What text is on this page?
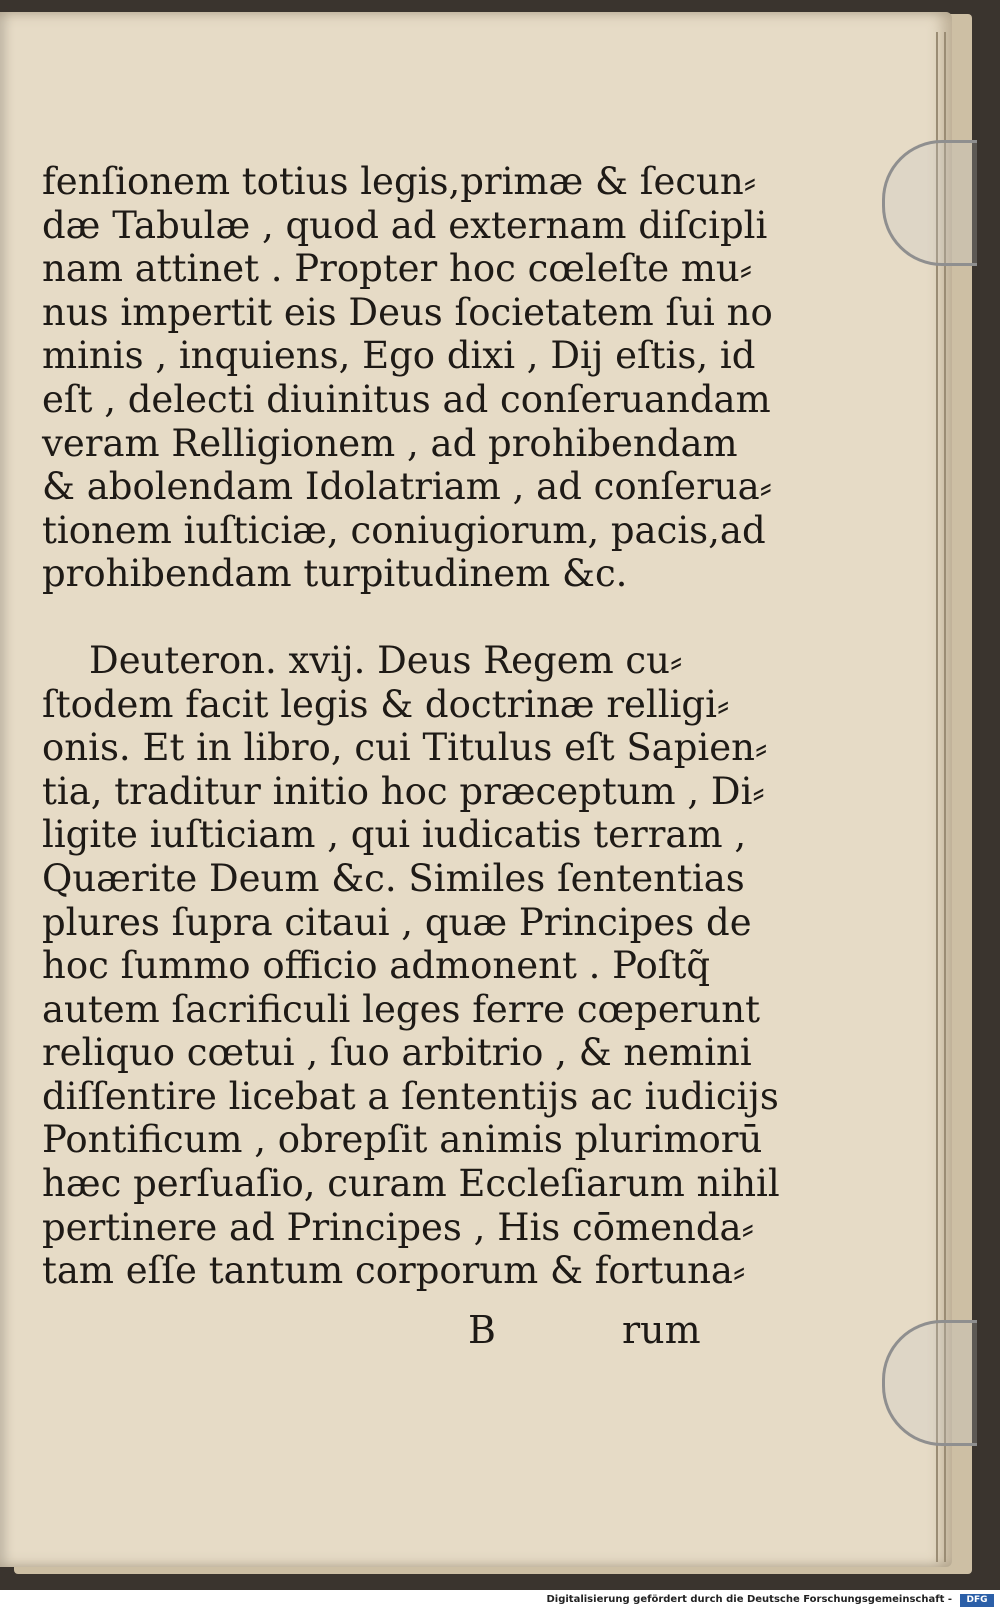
fenſionem totius legis,primæ & ſecun⸗
dæ Tabulæ , quod ad externam diſcipli
nam attinet . Propter hoc cœleſte mu⸗
nus impertit eis Deus ſocietatem ſui no
minis , inquiens, Ego dixi , Dij eſtis, id
eſt , delecti diuinitus ad conſeruandam
veram Relligionem , ad prohibendam
& abolendam Idolatriam , ad conſerua⸗
tionem iuſticiæ, coniugiorum, pacis,ad
prohibendam turpitudinem &c.
Deuteron. xvij. Deus Regem cu⸗
ſtodem facit legis & doctrinæ relligi⸗
onis. Et in libro, cui Titulus eſt Sapien⸗
tia, traditur initio hoc præceptum , Di⸗
ligite iuſticiam , qui iudicatis terram ,
Quærite Deum &c. Similes ſententias
plures ſupra citaui , quæ Principes de
hoc ſummo officio admonent . Poſtq̃
autem ſacrificuli leges ferre cœperunt
reliquo cœtui , ſuo arbitrio , & nemini
diſſentire licebat a ſententijs ac iudicijs
Pontificum , obrepſit animis plurimorū
hæc perſuaſio, curam Eccleſiarum nihil
pertinere ad Principes , His cōmenda⸗
tam eſſe tantum corporum & fortuna⸗
B	rum
Digitalisierung gefördert durch die Deutsche Forschungsgemeinschaft -	DFG
